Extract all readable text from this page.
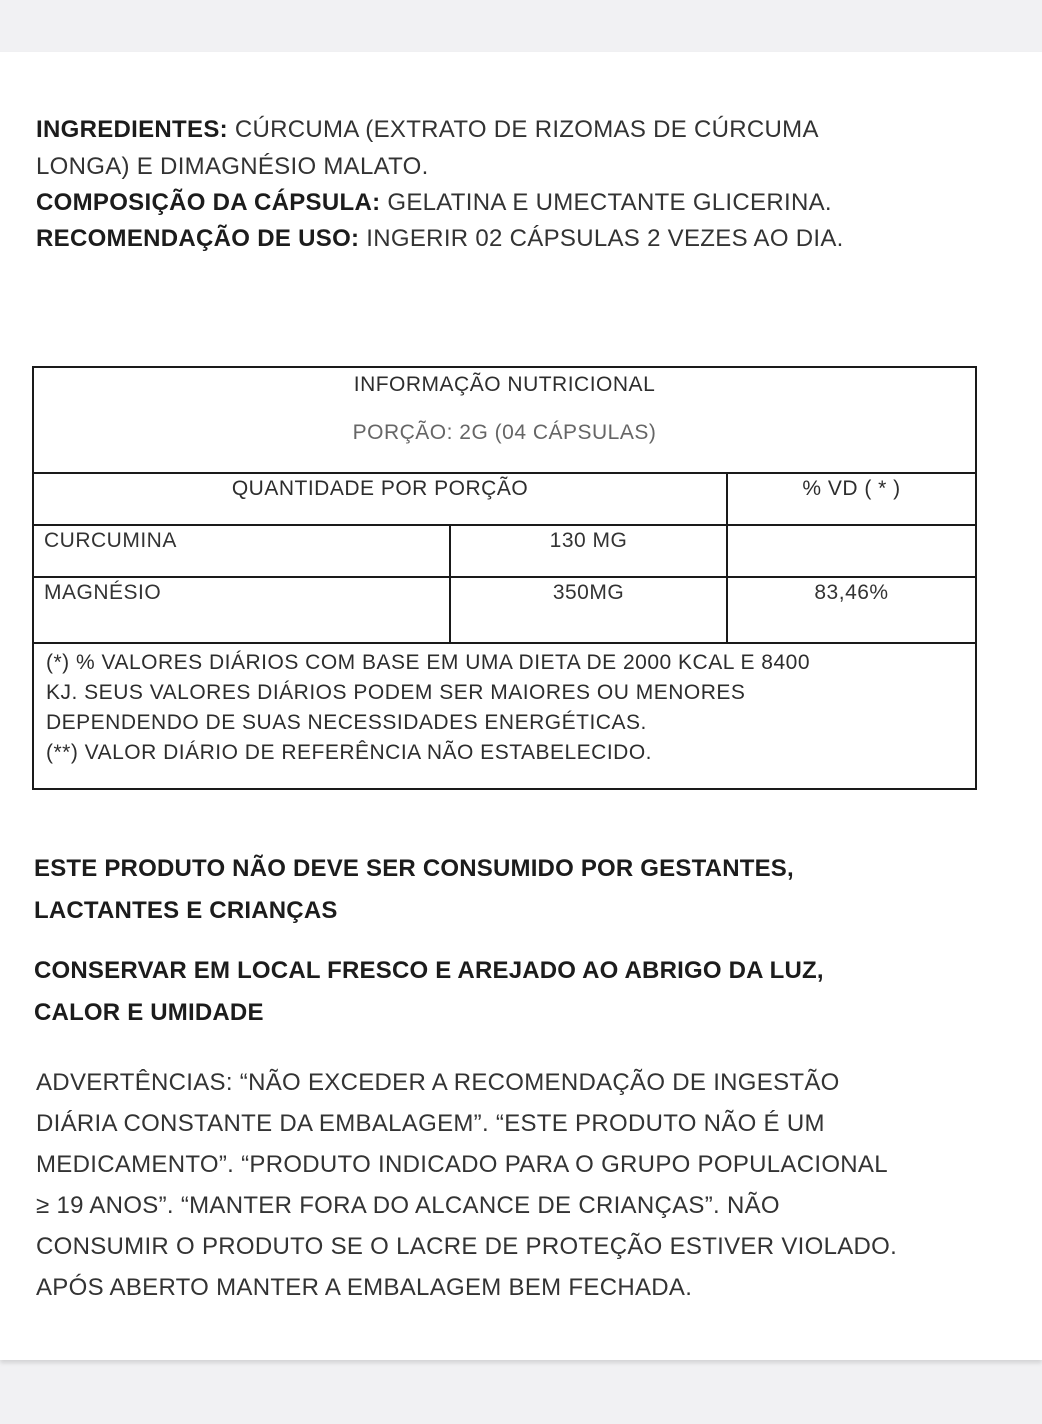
INGREDIENTES: CÚRCUMA (EXTRATO DE RIZOMAS DE CÚRCUMA
LONGA) E DIMAGNÉSIO MALATO.
COMPOSIÇÃO DA CÁPSULA: GELATINA E UMECTANTE GLICERINA.
RECOMENDAÇÃO DE USO: INGERIR 02 CÁPSULAS 2 VEZES AO DIA.
INFORMAÇÃO NUTRICIONAL
PORÇÃO: 2G (04 CÁPSULAS)		

QUANTIDADE POR PORÇÃO		% VD ( * )
CURCUMINA	130 MG	
MAGNÉSIO	350MG	83,46%

(*) % VALORES DIÁRIOS COM BASE EM UMA DIETA DE 2000 KCAL E 8400
KJ. SEUS VALORES DIÁRIOS PODEM SER MAIORES OU MENORES
DEPENDENDO DE SUAS NECESSIDADES ENERGÉTICAS.
(**) VALOR DIÁRIO DE REFERÊNCIA NÃO ESTABELECIDO.		
ESTE PRODUTO NÃO DEVE SER CONSUMIDO POR GESTANTES,
LACTANTES E CRIANÇAS
CONSERVAR EM LOCAL FRESCO E AREJADO AO ABRIGO DA LUZ,
CALOR E UMIDADE
ADVERTÊNCIAS: “NÃO EXCEDER A RECOMENDAÇÃO DE INGESTÃO
DIÁRIA CONSTANTE DA EMBALAGEM”. “ESTE PRODUTO NÃO É UM
MEDICAMENTO”. “PRODUTO INDICADO PARA O GRUPO POPULACIONAL
≥ 19 ANOS”. “MANTER FORA DO ALCANCE DE CRIANÇAS”. NÃO
CONSUMIR O PRODUTO SE O LACRE DE PROTEÇÃO ESTIVER VIOLADO.
APÓS ABERTO MANTER A EMBALAGEM BEM FECHADA.
